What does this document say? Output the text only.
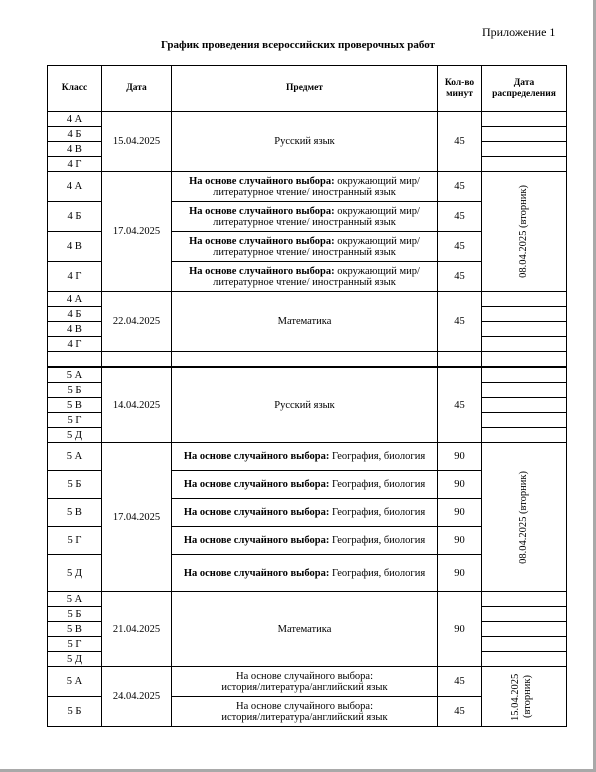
Приложение 1
График проведения всероссийских проверочных работ
Класс	Дата	Предмет	Кол-во минут	Дата распределения
4 А	15.04.2025	Русский язык	45	
4 Б				
4 В				
4 Г				
4 А	17.04.2025	На основе случайного выбора: окружающий мир/литературное чтение/ иностранный язык	45	08.04.2025 (вторник)

4 Б		На основе случайного выбора: окружающий мир/литературное чтение/ иностранный язык	45	
4 В		На основе случайного выбора: окружающий мир/литературное чтение/ иностранный язык	45	
4 Г		На основе случайного выбора: окружающий мир/литературное чтение/ иностранный язык	45	
4 А	22.04.2025	Математика	45	
4 Б				
4 В				
4 Г				

5 А	14.04.2025	Русский язык	45	
5 Б				
5 В				
5 Г				
5 Д				
5 А	17.04.2025	На основе случайного выбора: География, биология	90	08.04.2025 (вторник)

5 Б		На основе случайного выбора: География, биология	90	
5 В		На основе случайного выбора: География, биология	90	
5 Г		На основе случайного выбора: География, биология	90	
5 Д		На основе случайного выбора: География, биология	90	
5 А	21.04.2025	Математика	90	
5 Б				
5 В				
5 Г				
5 Д				
5 А	24.04.2025	На основе случайного выбора:
история/литература/английский язык	45	15.04.2025 (вторник)

5 Б		На основе случайного выбора:
история/литература/английский язык	45	
